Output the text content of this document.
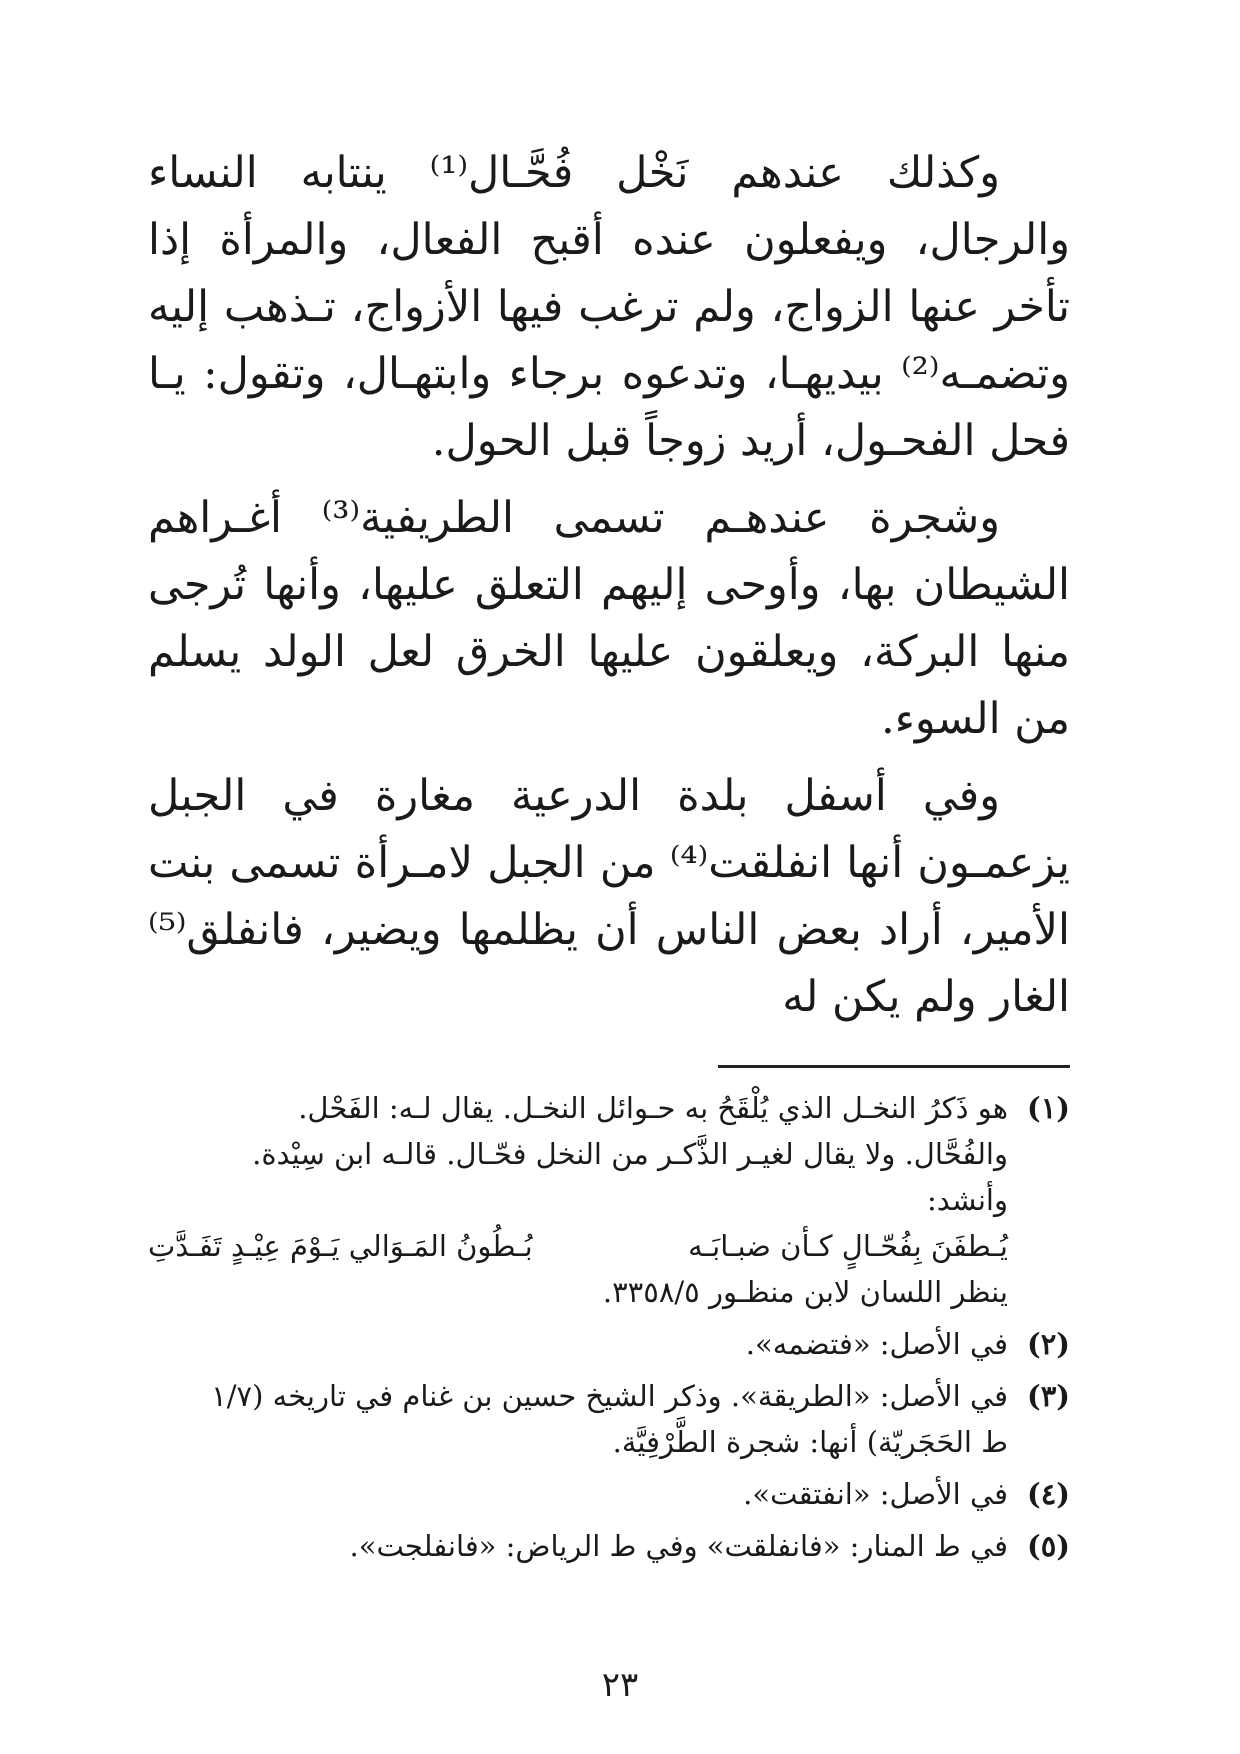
وكذلك عندهم نَخْل فُحَّـال⁽¹⁾ ينتابه النساء والرجال، ويفعلون عنده أقبح الفعال، والمرأة إذا تأخر عنها الزواج، ولم ترغب فيها الأزواج، تـذهب إليه وتضمـه⁽²⁾ بيديهـا، وتدعوه برجاء وابتهـال، وتقول: يـا فحل الفحـول، أريد زوجاً قبل الحول.

وشجرة عندهـم تسمى الطريفية⁽³⁾ أغـراهم الشيطان بها، وأوحى إليهم التعلق عليها، وأنها تُرجى منها البركة، ويعلقون عليها الخرق لعل الولد يسلم من السوء.

وفي أسفل بلدة الدرعية مغارة في الجبل يزعمـون أنها انفلقت⁽⁴⁾ من الجبل لامـرأة تسمى بنت الأمير، أراد بعض الناس أن يظلمها ويضير، فانفلق⁽⁵⁾ الغار ولم يكن له

(١)
هو ذَكرُ النخـل الذي يُلْقَحُ به حـوائل النخـل. يقال لـه: الفَحْل.
والفُحَّال. ولا يقال لغيـر الذَّكـر من النخل فحّـال. قالـه ابن سِيْدة.
وأنشد:
يُـطفَنَ بِفُحّـالٍ كـأن ضبـابَـه
بُـطُونُ المَـوَالي يَـوْمَ عِيْـدٍ تَفَـدَّتِ
ينظر اللسان لابن منظـور ٣٣٥٨/٥.
(٢)
في الأصل: «فتضمه».
(٣)
في الأصل: «الطريقة». وذكر الشيخ حسين بن غنام في تاريخه (١/٧
ط الحَجَريّة) أنها: شجرة الطَّرْفِيَّة.
(٤)
في الأصل: «انفتقت».
(٥)
في ط المنار: «فانفلقت» وفي ط الرياض: «فانفلجت».
٢٣
